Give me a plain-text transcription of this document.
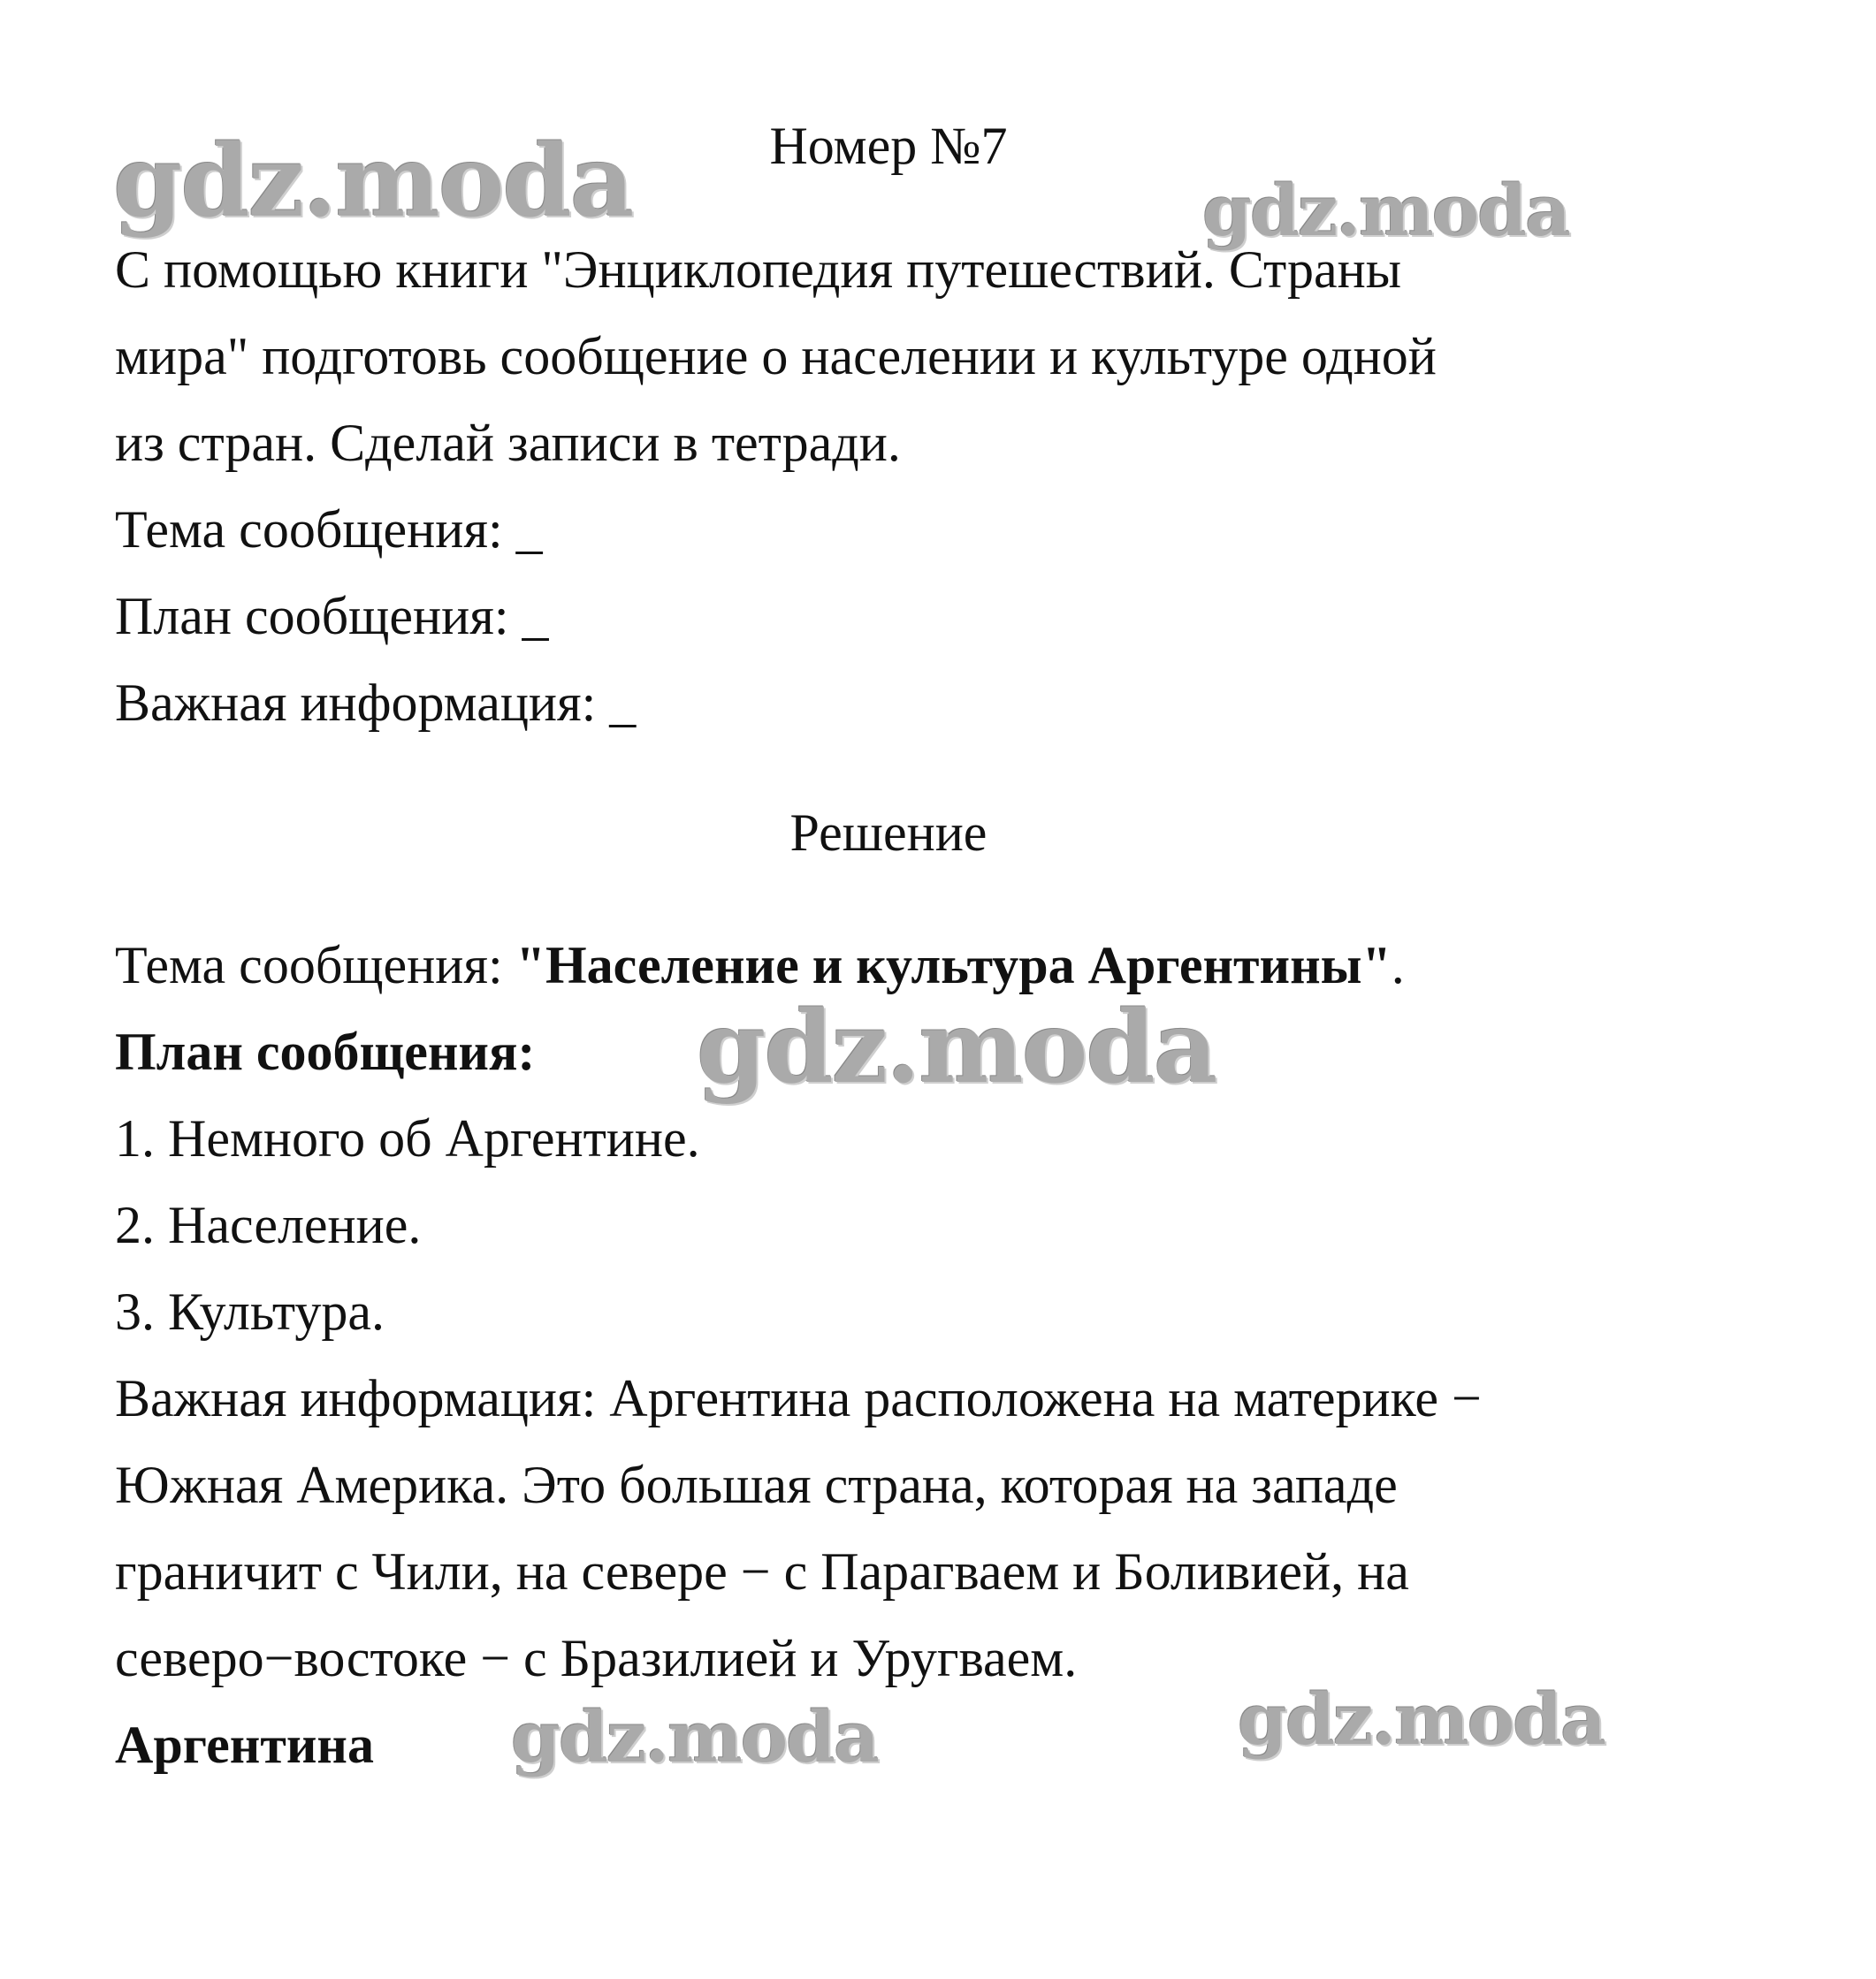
gdz.moda	gdz.moda
gdz.moda
gdz.moda	gdz.moda
Номер №7
С помощью книги "Энциклопедия путешествий. Страны
мира" подготовь сообщение о населении и культуре одной
из стран. Сделай записи в тетради.
Тема сообщения: _
План сообщения: _
Важная информация: _
Решение
Тема сообщения: "Население и культура Аргентины".
План сообщения:
1. Немного об Аргентине.
2. Население.
3. Культура.
Важная информация: Аргентина расположена на материке −
Южная Америка. Это большая страна, которая на западе
граничит с Чили, на севере − с Парагваем и Боливией, на
северо−востоке − с Бразилией и Уругваем.
Аргентина
